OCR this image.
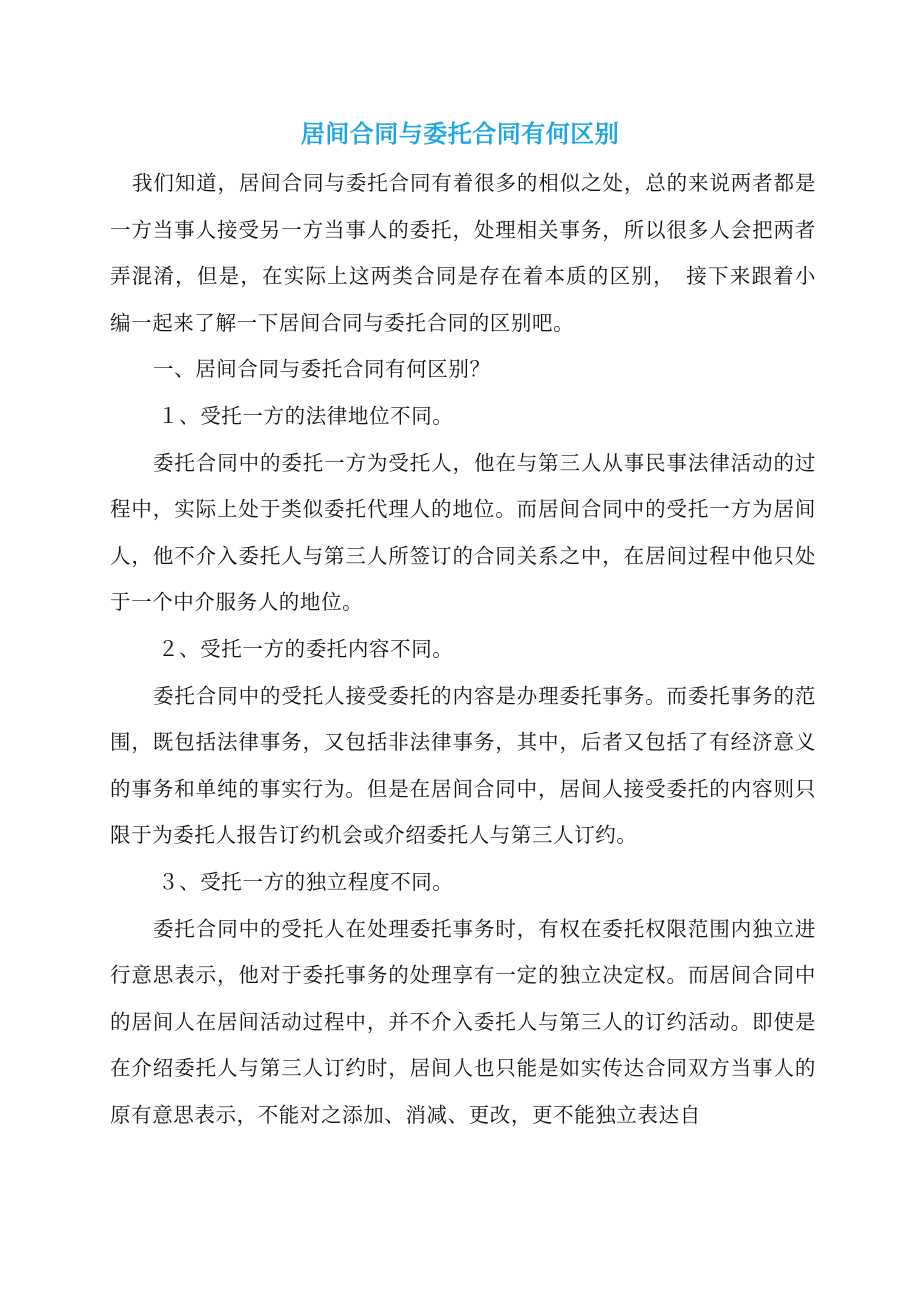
居间合同与委托合同有何区别

我们知道，居间合同与委托合同有着很多的相似之处，总的来说两者都是一方当事人接受另一方当事人的委托，处理相关事务，所以很多人会把两者弄混淆，但是，在实际上这两类合同是存在着本质的区别，　接下来跟着小编一起来了解一下居间合同与委托合同的区别吧。

一、居间合同与委托合同有何区别？

１、受托一方的法律地位不同。

委托合同中的委托一方为受托人，他在与第三人从事民事法律活动的过程中，实际上处于类似委托代理人的地位。而居间合同中的受托一方为居间人，他不介入委托人与第三人所签订的合同关系之中，在居间过程中他只处于一个中介服务人的地位。

２、受托一方的委托内容不同。

委托合同中的受托人接受委托的内容是办理委托事务。而委托事务的范围，既包括法律事务，又包括非法律事务，其中，后者又包括了有经济意义的事务和单纯的事实行为。但是在居间合同中，居间人接受委托的内容则只限于为委托人报告订约机会或介绍委托人与第三人订约。

３、受托一方的独立程度不同。

委托合同中的受托人在处理委托事务时，有权在委托权限范围内独立进行意思表示，他对于委托事务的处理享有一定的独立决定权。而居间合同中的居间人在居间活动过程中，并不介入委托人与第三人的订约活动。即使是在介绍委托人与第三人订约时，居间人也只能是如实传达合同双方当事人的原有意思表示，不能对之添加、消减、更改，更不能独立表达自
